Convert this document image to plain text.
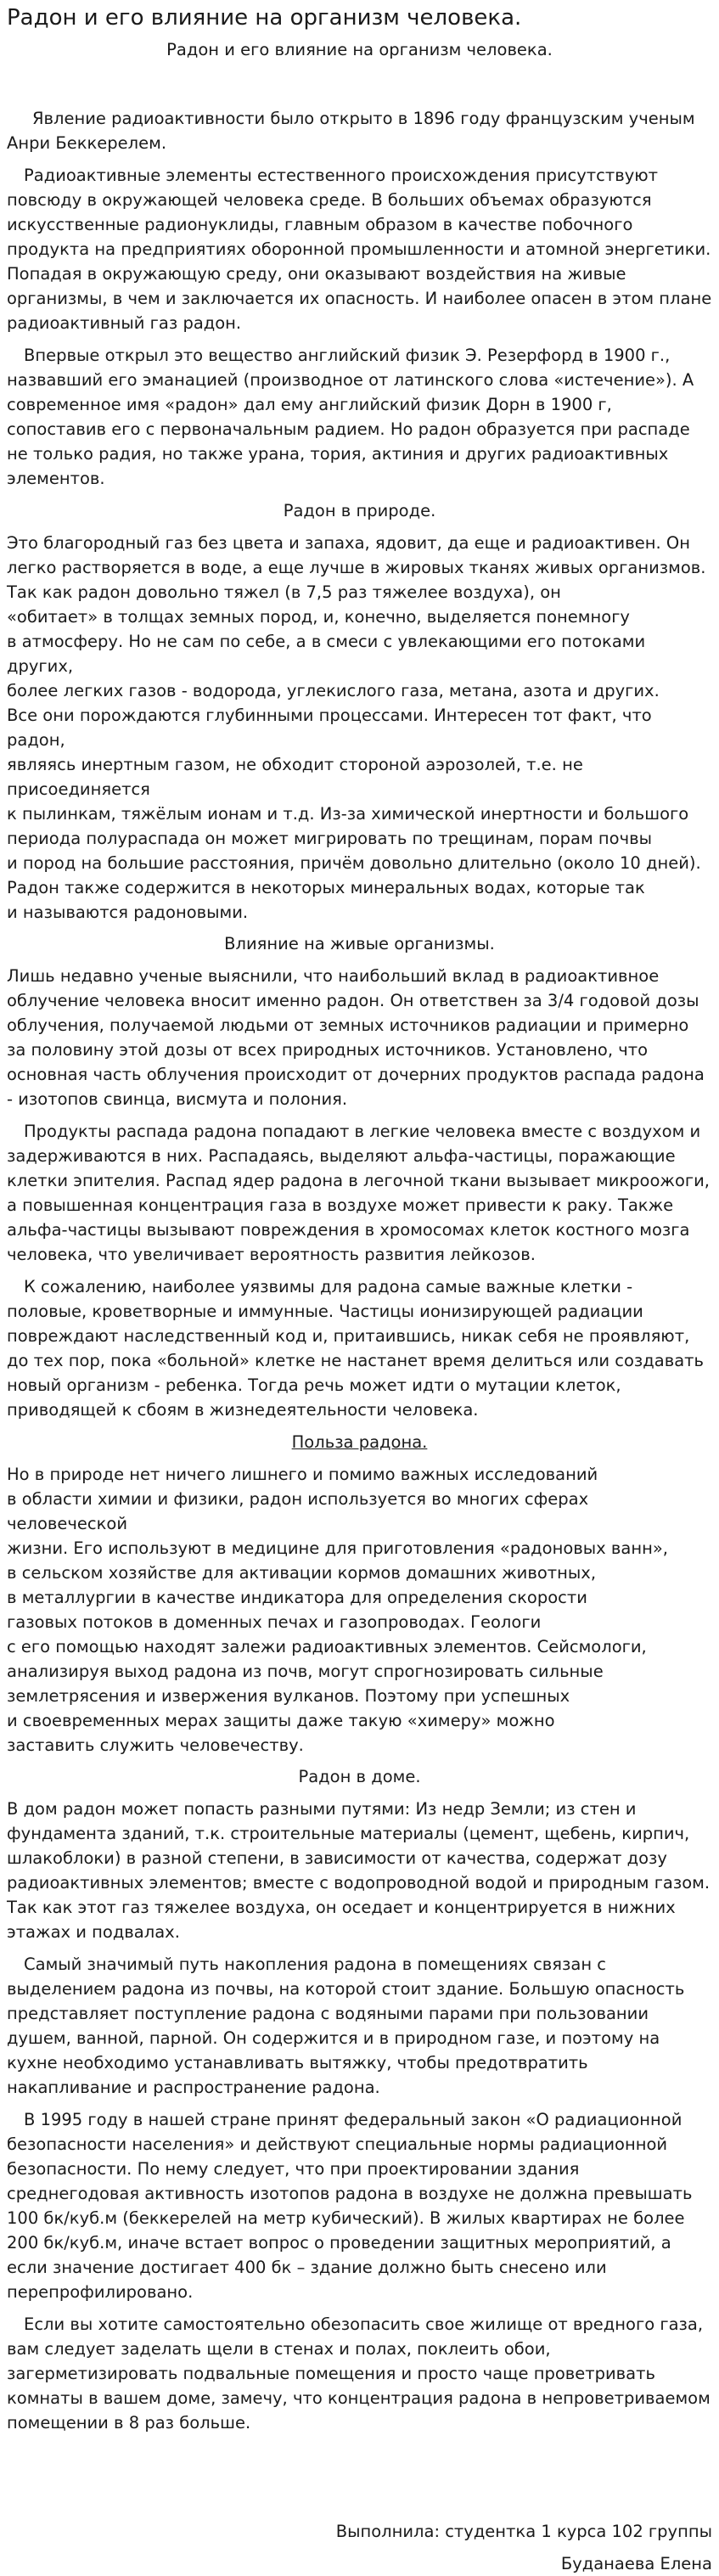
Радон и его влияние на организм человека.

Радон и его влияние на организм человека.

Явление радиоактивности было открыто в 1896 году французским ученым Анри Беккерелем.

Радиоактивные элементы естественного происхождения присутствуют повсюду в окружающей человека среде. В больших объемах образуются искусственные радионуклиды, главным образом в качестве побочного продукта на предприятиях оборонной промышленности и атомной энергетики. Попадая в окружающую среду, они оказывают воздействия на живые организмы, в чем и заключается их опасность. И наиболее опасен в этом плане радиоактивный газ радон.

Впервые открыл это вещество английский физик Э. Резерфорд в 1900 г., назвавший его эманацией (производное от латинского слова «истечение»). А современное имя «радон» дал ему английский физик Дорн в 1900 г, сопоставив его с первоначальным радием. Но радон образуется при распаде не только радия, но также урана, тория, актиния и других радиоактивных элементов.

Радон в природе.

Это благородный газ без цвета и запаха, ядовит, да еще и радиоактивен. Он
легко растворяется в воде, а еще лучше в жировых тканях живых организмов.
Так как радон довольно тяжел (в 7,5 раз тяжелее воздуха), он
«обитает» в толщах земных пород, и, конечно, выделяется понемногу
в атмосферу. Но не сам по себе, а в смеси с увлекающими его потоками других,
более легких газов - водорода, углекислого газа, метана, азота и других.
Все они порождаются глубинными процессами. Интересен тот факт, что радон,
являясь инертным газом, не обходит стороной аэрозолей, т.е. не присоединяется
к пылинкам, тяжёлым ионам и т.д. Из-за химической инертности и большого
периода полураспада он может мигрировать по трещинам, порам почвы
и пород на большие расстояния, причём довольно длительно (около 10 дней).
Радон также содержится в некоторых минеральных водах, которые так
и называются радоновыми.

Влияние на живые организмы.

Лишь недавно ученые выяснили, что наибольший вклад в радиоактивное облучение человека вносит именно радон. Он ответствен за 3/4 годовой дозы облучения, получаемой людьми от земных источников радиации и примерно за половину этой дозы от всех природных источников. Установлено, что основная часть облучения происходит от дочерних продуктов распада радона - изотопов свинца, висмута и полония.

Продукты распада радона попадают в легкие человека вместе с воздухом и задерживаются в них. Распадаясь, выделяют альфа-частицы, поражающие клетки эпителия. Распад ядер радона в легочной ткани вызывает микроожоги, а повышенная концентрация газа в воздухе может привести к раку. Также альфа-частицы вызывают повреждения в хромосомах клеток костного мозга человека, что увеличивает вероятность развития лейкозов.

К сожалению, наиболее уязвимы для радона самые важные клетки - половые, кроветворные и иммунные. Частицы ионизирующей радиации повреждают наследственный код и, притаившись, никак себя не проявляют, до тех пор, пока «больной» клетке не настанет время делиться или создавать новый организм - ребенка. Тогда речь может идти о мутации клеток, приводящей к сбоям в жизнедеятельности человека.

Польза радона.

Но в природе нет ничего лишнего и помимо важных исследований
в области химии и физики, радон используется во многих сферах человеческой
жизни. Его используют в медицине для приготовления «радоновых ванн»,
в сельском хозяйстве для активации кормов домашних животных,
в металлургии в качестве индикатора для определения скорости
газовых потоков в доменных печах и газопроводах. Геологи
с его помощью находят залежи радиоактивных элементов. Сейсмологи,
анализируя выход радона из почв, могут спрогнозировать сильные
землетрясения и извержения вулканов. Поэтому при успешных
и своевременных мерах защиты даже такую «химеру» можно
заставить служить человечеству.

Радон в доме.

В дом радон может попасть разными путями: Из недр Земли; из стен и фундамента зданий, т.к. строительные материалы (цемент, щебень, кирпич, шлакоблоки) в разной степени, в зависимости от качества, содержат дозу радиоактивных элементов; вместе с водопроводной водой и природным газом. Так как этот газ тяжелее воздуха, он оседает и концентрируется в нижних этажах и подвалах.

Самый значимый путь накопления радона в помещениях связан с выделением радона из почвы, на которой стоит здание. Большую опасность представляет поступление радона с водяными парами при пользовании душем, ванной, парной. Он содержится и в природном газе, и поэтому на кухне необходимо устанавливать вытяжку, чтобы предотвратить накапливание и распространение радона.

В 1995 году в нашей стране принят федеральный закон «О радиационной безопасности населения» и действуют специальные нормы радиационной безопасности. По нему следует, что при проектировании здания среднегодовая активность изотопов радона в воздухе не должна превышать 100 бк/куб.м (беккерелей на метр кубический). В жилых квартирах не более 200 бк/куб.м, иначе встает вопрос о проведении защитных мероприятий, а если значение достигает 400 бк – здание должно быть снесено или перепрофилировано.

Если вы хотите самостоятельно обезопасить свое жилище от вредного газа, вам следует заделать щели в стенах и полах, поклеить обои, загерметизировать подвальные помещения и просто чаще проветривать комнаты в вашем доме, замечу, что концентрация радона в непроветриваемом помещении в 8 раз больше.

Выполнила: студентка 1 курса 102 группы

Буданаева Елена
